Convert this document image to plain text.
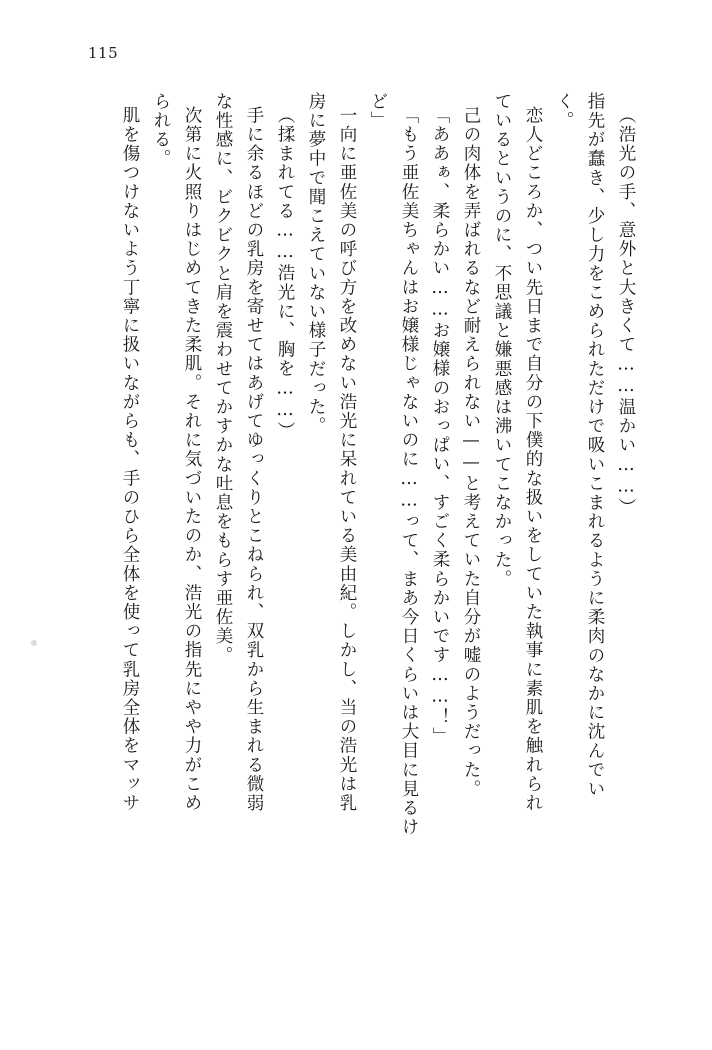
115
（浩光の手、意外と大きくて……温かい……）
指先が蠢き、少し力をこめられただけで吸いこまれるように柔肉のなかに沈んでい
く。
恋人どころか、つい先日まで自分の下僕的な扱いをしていた執事に素肌を触れられ
ているというのに、不思議と嫌悪感は沸いてこなかった。
己の肉体を弄ばれるなど耐えられない——と考えていた自分が嘘のようだった。
「ああぁ、柔らかい……お嬢様のおっぱい、すごく柔らかいです……！」
「もう亜佐美ちゃんはお嬢様じゃないのに……って、まあ今日くらいは大目に見るけ
ど」
一向に亜佐美の呼び方を改めない浩光に呆れている美由紀。しかし、当の浩光は乳
房に夢中で聞こえていない様子だった。
（揉まれてる……浩光に、胸を……）
手に余るほどの乳房を寄せてはあげてゆっくりとこねられ、双乳から生まれる微弱
な性感に、ビクビクと肩を震わせてかすかな吐息をもらす亜佐美。
次第に火照りはじめてきた柔肌。それに気づいたのか、浩光の指先にやや力がこめ
られる。
肌を傷つけないよう丁寧に扱いながらも、手のひら全体を使って乳房全体をマッサ
